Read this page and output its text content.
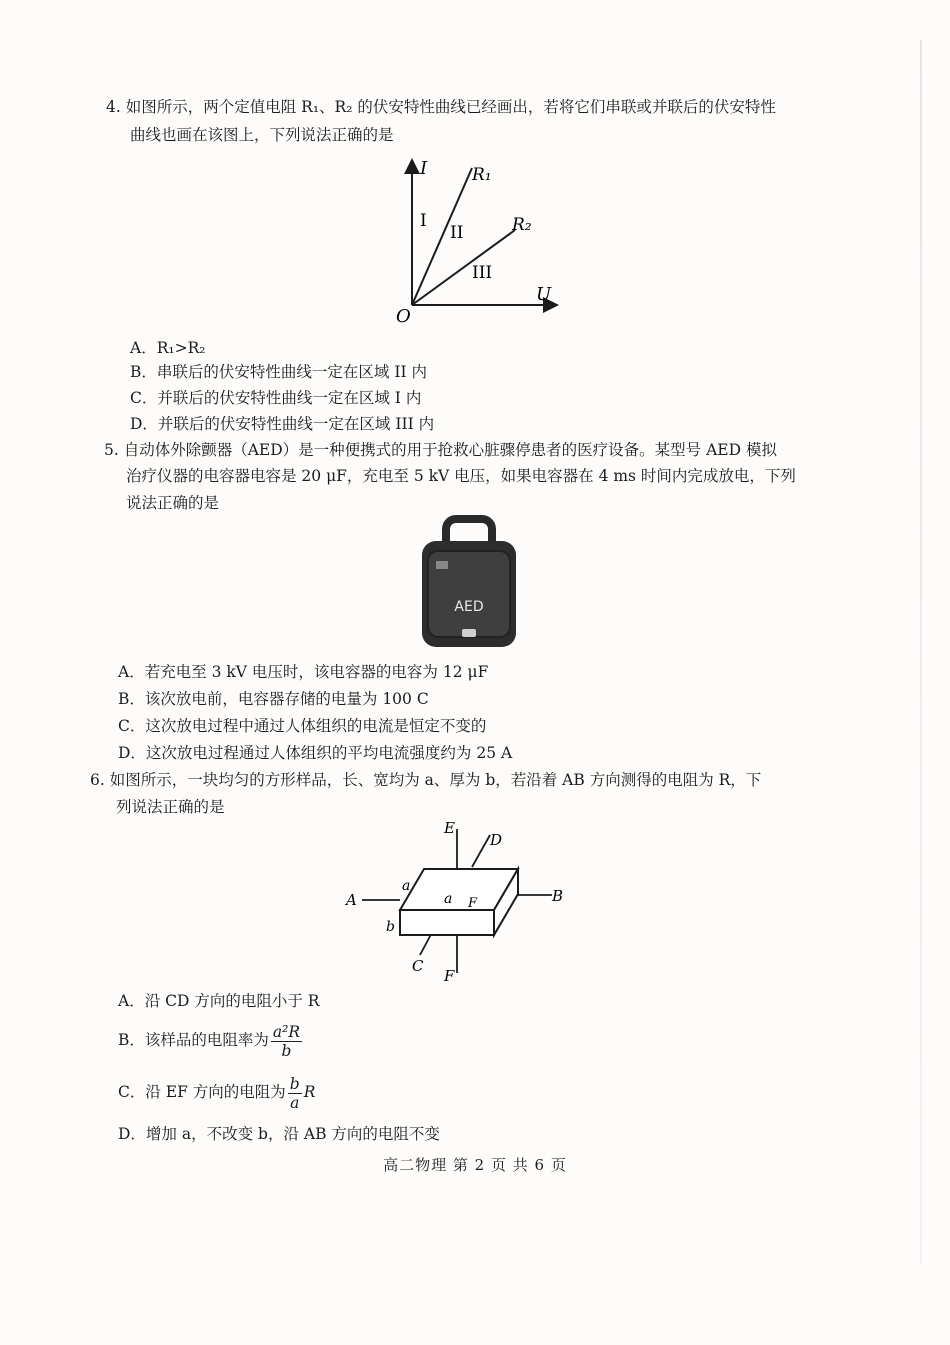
4. 如图所示，两个定值电阻 R₁、R₂ 的伏安特性曲线已经画出，若将它们串联或并联后的伏安特性
曲线也画在该图上，下列说法正确的是
I
U
O
R₁
R₂
I
II
III
A．R₁>R₂
B．串联后的伏安特性曲线一定在区域 II 内
C．并联后的伏安特性曲线一定在区域 I 内
D．并联后的伏安特性曲线一定在区域 III 内
5. 自动体外除颤器（AED）是一种便携式的用于抢救心脏骤停患者的医疗设备。某型号 AED 模拟
治疗仪器的电容器电容是 20 μF，充电至 5 kV 电压，如果电容器在 4 ms 时间内完成放电，下列
说法正确的是
AED
A．若充电至 3 kV 电压时，该电容器的电容为 12 μF
B．该次放电前，电容器存储的电量为 100 C
C．这次放电过程中通过人体组织的电流是恒定不变的
D．这次放电过程通过人体组织的平均电流强度约为 25 A
6. 如图所示，一块均匀的方形样品，长、宽均为 a、厚为 b，若沿着 AB 方向测得的电阻为 R，下
列说法正确的是
A	B
E
D
C
F
F
a
a
b
A．沿 CD 方向的电阻小于 R
B．该样品的电阻率为 $\frac{\text{a²R}}{b}$
C．沿 EF 方向的电阻为 $\frac{b}{a}$ R
D．增加 a，不改变 b，沿 AB 方向的电阻不变
高二物理 第 2 页 共 6 页
